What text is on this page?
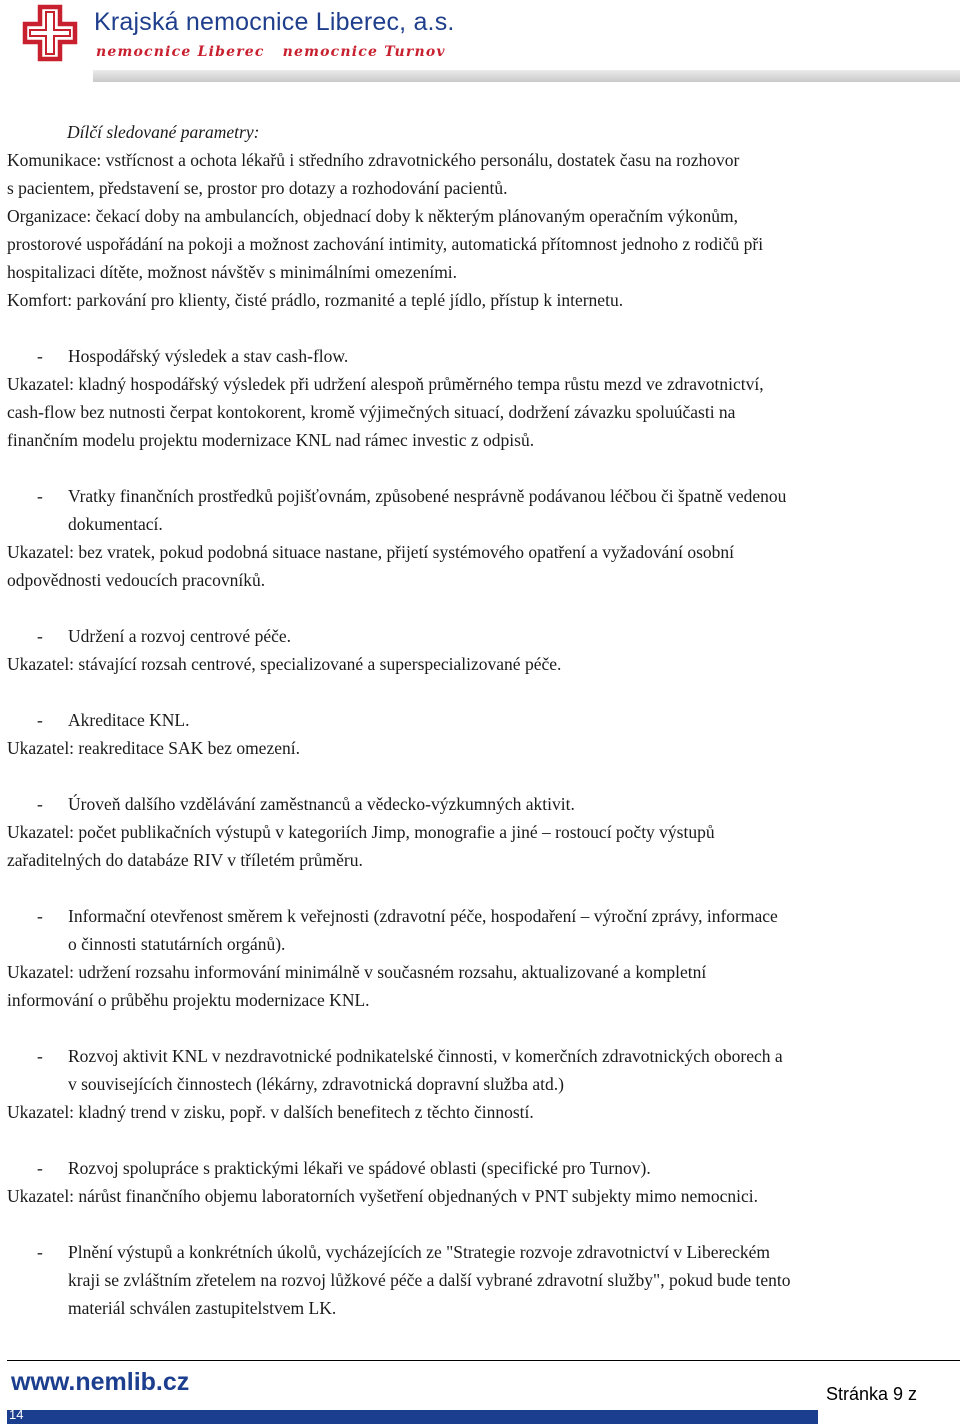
Krajská nemocnice Liberec, a.s.
nemocnice Liberec nemocnice Turnov
Dílčí sledované parametry:
Komunikace: vstřícnost a ochota lékařů i středního zdravotnického personálu, dostatek času na rozhovor
s pacientem, představení se, prostor pro dotazy a rozhodování pacientů.
Organizace: čekací doby na ambulancích, objednací doby k některým plánovaným operačním výkonům,
prostorové uspořádání na pokoji a možnost zachování intimity, automatická přítomnost jednoho z rodičů při
hospitalizaci dítěte, možnost návštěv s minimálními omezeními.
Komfort: parkování pro klienty, čisté prádlo, rozmanité a teplé jídlo, přístup k internetu.
- Hospodářský výsledek a stav cash-flow.
Ukazatel: kladný hospodářský výsledek při udržení alespoň průměrného tempa růstu mezd ve zdravotnictví,
cash-flow bez nutnosti čerpat kontokorent, kromě výjimečných situací, dodržení závazku spoluúčasti na
finančním modelu projektu modernizace KNL nad rámec investic z odpisů.
- Vratky finančních prostředků pojišťovnám, způsobené nesprávně podávanou léčbou či špatně vedenou
dokumentací.
Ukazatel: bez vratek, pokud podobná situace nastane, přijetí systémového opatření a vyžadování osobní
odpovědnosti vedoucích pracovníků.
- Udržení a rozvoj centrové péče.
Ukazatel: stávající rozsah centrové, specializované a superspecializované péče.
- Akreditace KNL.
Ukazatel: reakreditace SAK bez omezení.
- Úroveň dalšího vzdělávání zaměstnanců a vědecko-výzkumných aktivit.
Ukazatel: počet publikačních výstupů v kategoriích Jimp, monografie a jiné – rostoucí počty výstupů
zařaditelných do databáze RIV v tříletém průměru.
- Informační otevřenost směrem k veřejnosti (zdravotní péče, hospodaření – výroční zprávy, informace
o činnosti statutárních orgánů).
Ukazatel: udržení rozsahu informování minimálně v současném rozsahu, aktualizované a kompletní
informování o průběhu projektu modernizace KNL.
- Rozvoj aktivit KNL v nezdravotnické podnikatelské činnosti, v komerčních zdravotnických oborech a
v souvisejících činnostech (lékárny, zdravotnická dopravní služba atd.)
Ukazatel: kladný trend v zisku, popř. v dalších benefitech z těchto činností.
- Rozvoj spolupráce s praktickými lékaři ve spádové oblasti (specifické pro Turnov).
Ukazatel: nárůst finančního objemu laboratorních vyšetření objednaných v PNT subjekty mimo nemocnici.
- Plnění výstupů a konkrétních úkolů, vycházejících ze "Strategie rozvoje zdravotnictví v Libereckém
kraji se zvláštním zřetelem na rozvoj lůžkové péče a další vybrané zdravotní služby", pokud bude tento
materiál schválen zastupitelstvem LK.
www.nemlib.cz	Stránka 9 z
14
